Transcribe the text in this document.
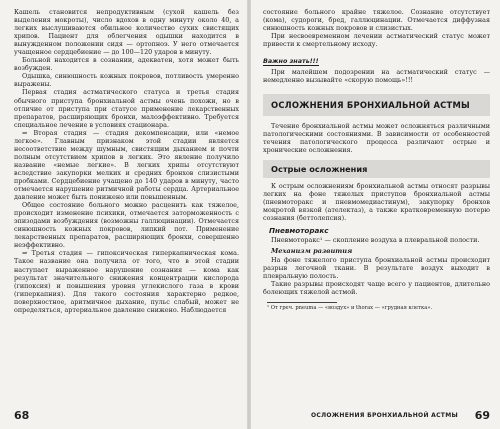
Кашель становится непродуктивным (сухой кашель без выделения мокроты), число вдохов в одну минуту около 40, а легких выслушиваются обильное количество сухих свистящих хрипов. Пациент для облегчения одышки находится в вынужденном положении сидя — ортопноэ. У него отмечается учащенное сердцебиение — до 100—120 ударов в минуту.

Больной находится в сознании, адекватен, хотя может быть возбужден.

Одышка, синюшность кожных покровов, потливость умеренно выражены.

Первая стадия астматического статуса и третья стадия обычного приступа бронхиальной астмы очень похожи, но в отличие от приступа при статусе применение лекарственных препаратов, расширяющих бронхи, малоэффективно. Требуется специальное лечение в условиях стационара.

⇒ Вторая стадия — стадия декомпенсации, или «немое легкое». Главным признаком этой стадии является несоответствие между шумным, свистящим дыханием и почти полным отсутствием хрипов в легких. Это явление получило название «немые легкие». В легких хрипы отсутствуют вследствие закупорки мелких и средних бронхов слизистыми пробками. Сердцебиение учащено до 140 ударов в минуту, часто отмечается нарушение ритмичной работы сердца. Артериальное давление может быть понижено или повышенным.

Общее состояние больного можно расценить как тяжелое, происходит изменение психики, отмечается заторможенность с эпизодами возбуждения (возможны галлюцинации). Отмечается синюшность кожных покровов, липкий пот. Применение лекарственных препаратов, расширяющих бронхи, совершенно неэффективно.

⇒ Третья стадия — гипоксическая гиперкапническая кома. Такое название она получила от того, что в этой стадии наступает выраженное нарушение сознания — кома как результат значительного снижения концентрации кислорода (гипоксия) и повышения уровня углекислого газа в крови (гиперкапния). Для такого состояния характерно редкое, поверхностное, аритмичное дыхание, пульс слабый, может не определяться, артериальное давление снижено. Наблюдается

68

состояние больного крайне тяжелое. Сознание отсутствует (кома), судороги, бред, галлюцинации. Отмечается диффузная синюшность кожных покровов и слизистых.

При несвоевременном лечении астматический статус может привести к смертельному исходу.

Важно знать!!!

При малейшем подозрении на астматический статус — немедленно вызывайте «скорую помощь»!!!

ОСЛОЖНЕНИЯ БРОНХИАЛЬНОЙ АСТМЫ

Течение бронхиальной астмы может осложняться различными патологическими состояниями. В зависимости от особенностей течения патологического процесса различают острые и хронические осложнения.

Острые осложнения

К острым осложнениям бронхиальной астмы относят разрывы легких на фоне тяжелых приступов бронхиальной астмы (пневмоторакс и пневмомедиастинум), закупорку бронхов мокротой вязкой (ателектаз), а также кратковременную потерю сознания (беттолепсия).

Пневмоторакс

Пневмоторакс¹ — скопление воздуха в плевральной полости.

Механизм развития

На фоне тяжелого приступа бронхиальной астмы происходит разрыв легочной ткани. В результате воздух выходит в плевральную полость.

Такие разрывы происходят чаще всего у пациентов, длительно болеющих тяжелой астмой.

¹ От греч. pneuma — «воздух» и thorax — «грудная клетка».
ОСЛОЖНЕНИЯ БРОНХИАЛЬНОЙ АСТМЫ 69
